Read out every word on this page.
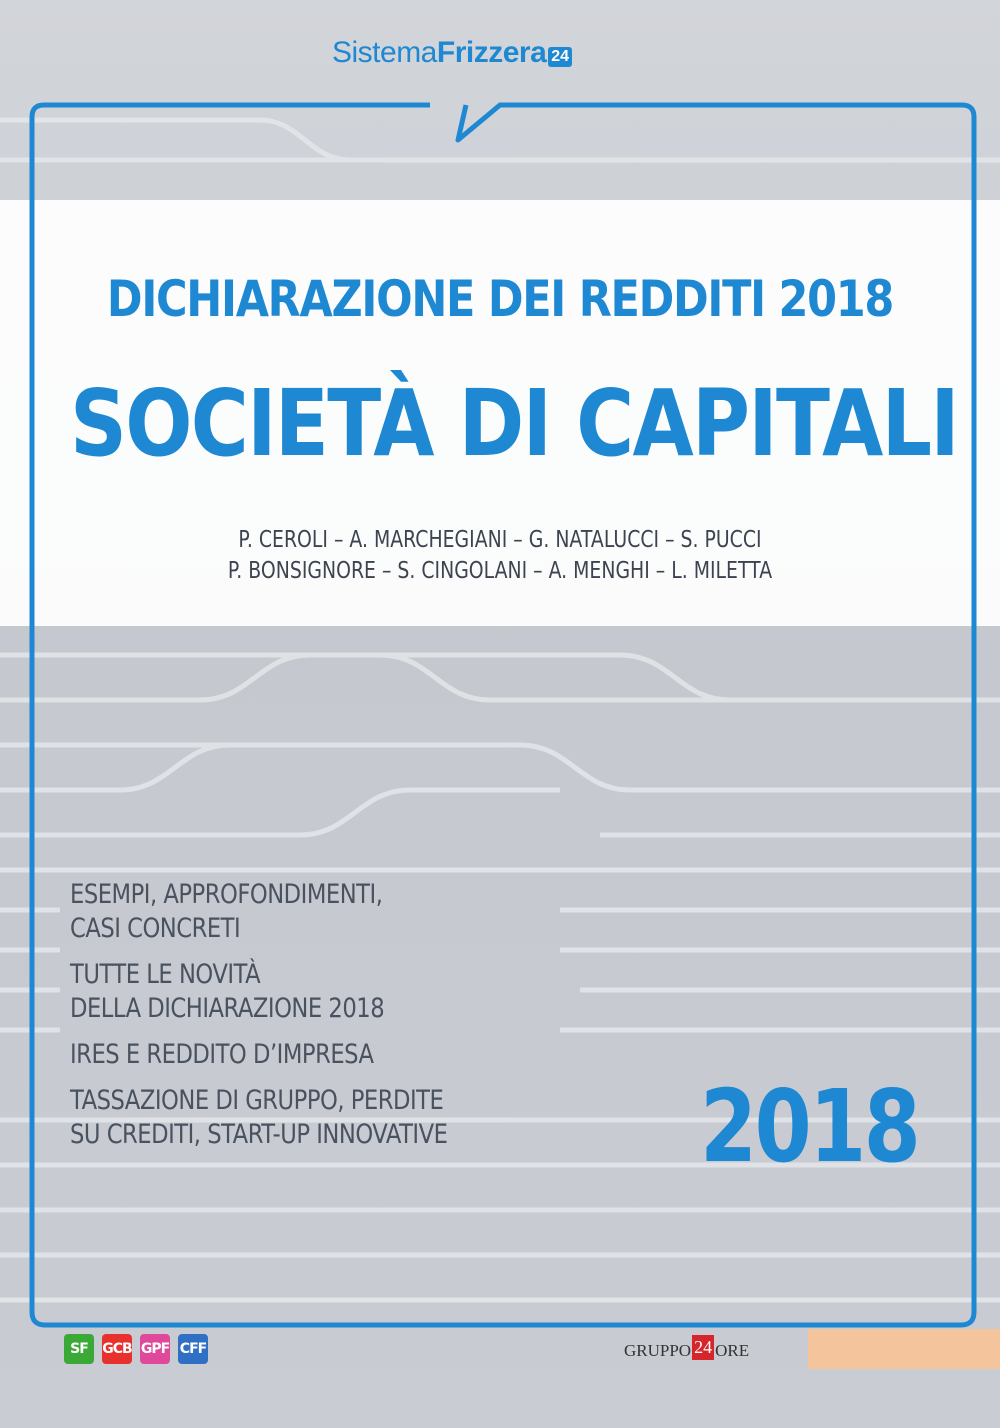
Sistema Frizzera 24
DICHIARAZIONE DEI REDDITI 2018
SOCIETÀ DI CAPITALI
P. CEROLI – A. MARCHEGIANI – G. NATALUCCI – S. PUCCI
P. BONSIGNORE – S. CINGOLANI – A. MENGHI – L. MILETTA
ESEMPI, APPROFONDIMENTI,
CASI CONCRETI
TUTTE LE NOVITÀ
DELLA DICHIARAZIONE 2018
IRES E REDDITO D’IMPRESA
TASSAZIONE DI GRUPPO, PERDITE
SU CREDITI, START-UP INNOVATIVE	2018
SF	GCB GPF CFF	GRUPPO 24 ORE
